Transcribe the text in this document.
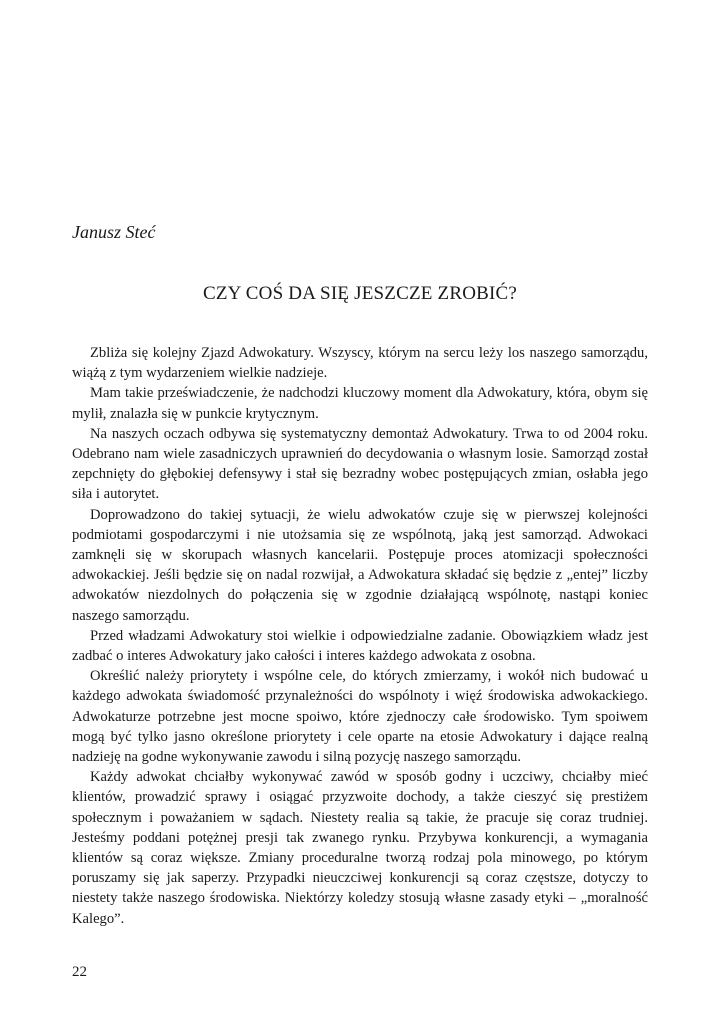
Janusz Steć

CZY COŚ DA SIĘ JESZCZE ZROBIĆ?

Zbliża się kolejny Zjazd Adwokatury. Wszyscy, którym na sercu leży los naszego samorządu, wiążą z tym wydarzeniem wielkie nadzieje.

Mam takie przeświadczenie, że nadchodzi kluczowy moment dla Adwokatury, która, obym się mylił, znalazła się w punkcie krytycznym.

Na naszych oczach odbywa się systematyczny demontaż Adwokatury. Trwa to od 2004 roku. Odebrano nam wiele zasadniczych uprawnień do decydowania o własnym losie. Samorząd został zepchnięty do głębokiej defensywy i stał się bezradny wobec postępujących zmian, osłabła jego siła i autorytet.

Doprowadzono do takiej sytuacji, że wielu adwokatów czuje się w pierwszej kolejności podmiotami gospodarczymi i nie utożsamia się ze wspólnotą, jaką jest samorząd. Adwokaci zamknęli się w skorupach własnych kancelarii. Postępuje proces atomizacji społeczności adwokackiej. Jeśli będzie się on nadal rozwijał, a Adwokatura składać się będzie z „entej” liczby adwokatów niezdolnych do połączenia się w zgodnie działającą wspólnotę, nastąpi koniec naszego samorządu.

Przed władzami Adwokatury stoi wielkie i odpowiedzialne zadanie. Obowiązkiem władz jest zadbać o interes Adwokatury jako całości i interes każdego adwokata z osobna.

Określić należy priorytety i wspólne cele, do których zmierzamy, i wokół nich budować u każdego adwokata świadomość przynależności do wspólnoty i więź środowiska adwokackiego. Adwokaturze potrzebne jest mocne spoiwo, które zjednoczy całe środowisko. Tym spoiwem mogą być tylko jasno określone priorytety i cele oparte na etosie Adwokatury i dające realną nadzieję na godne wykonywanie zawodu i silną pozycję naszego samorządu.

Każdy adwokat chciałby wykonywać zawód w sposób godny i uczciwy, chciałby mieć klientów, prowadzić sprawy i osiągać przyzwoite dochody, a także cieszyć się prestiżem społecznym i poważaniem w sądach. Niestety realia są takie, że pracuje się coraz trudniej. Jesteśmy poddani potężnej presji tak zwanego rynku. Przybywa konkurencji, a wymagania klientów są coraz większe. Zmiany proceduralne tworzą rodzaj pola minowego, po którym poruszamy się jak saperzy. Przypadki nieuczciwej konkurencji są coraz częstsze, dotyczy to niestety także naszego środowiska. Niektórzy koledzy stosują własne zasady etyki – „moralność Kalego”.

22
